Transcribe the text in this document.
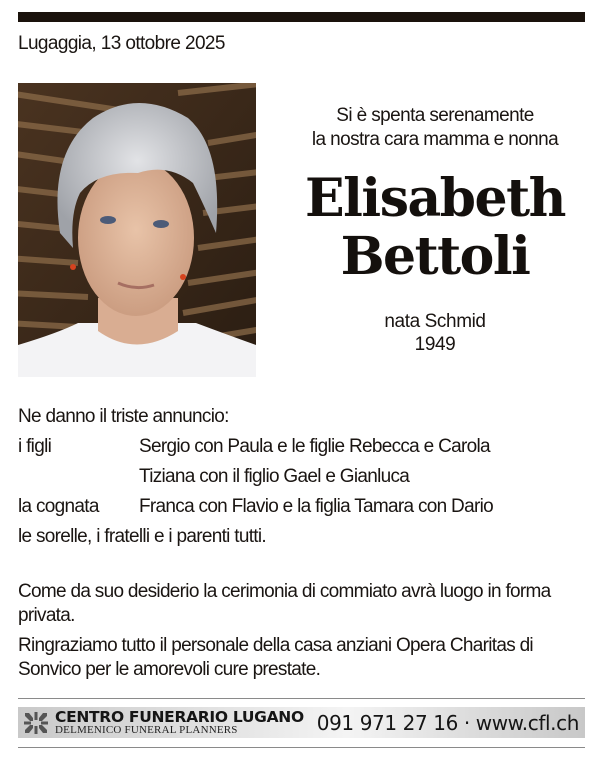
Lugaggia, 13 ottobre 2025
Si è spenta serenamente
la nostra cara mamma e nonna
Elisabeth
Bettoli
nata Schmid
1949
Ne danno il triste annuncio:
i figli	Sergio con Paula e le figlie Rebecca e Carola
Tiziana con il figlio Gael e Gianluca
la cognata	Franca con Flavio e la figlia Tamara con Dario
le sorelle, i fratelli e i parenti tutti.

Come da suo desiderio la cerimonia di commiato avrà luogo in forma privata.

Ringraziamo tutto il personale della casa anziani Opera Charitas di Sonvico per le amorevoli cure prestate.

CENTRO FUNERARIO LUGANO
DELMENICO FUNERAL PLANNERS	091 971 27 16 · www.cfl.ch
